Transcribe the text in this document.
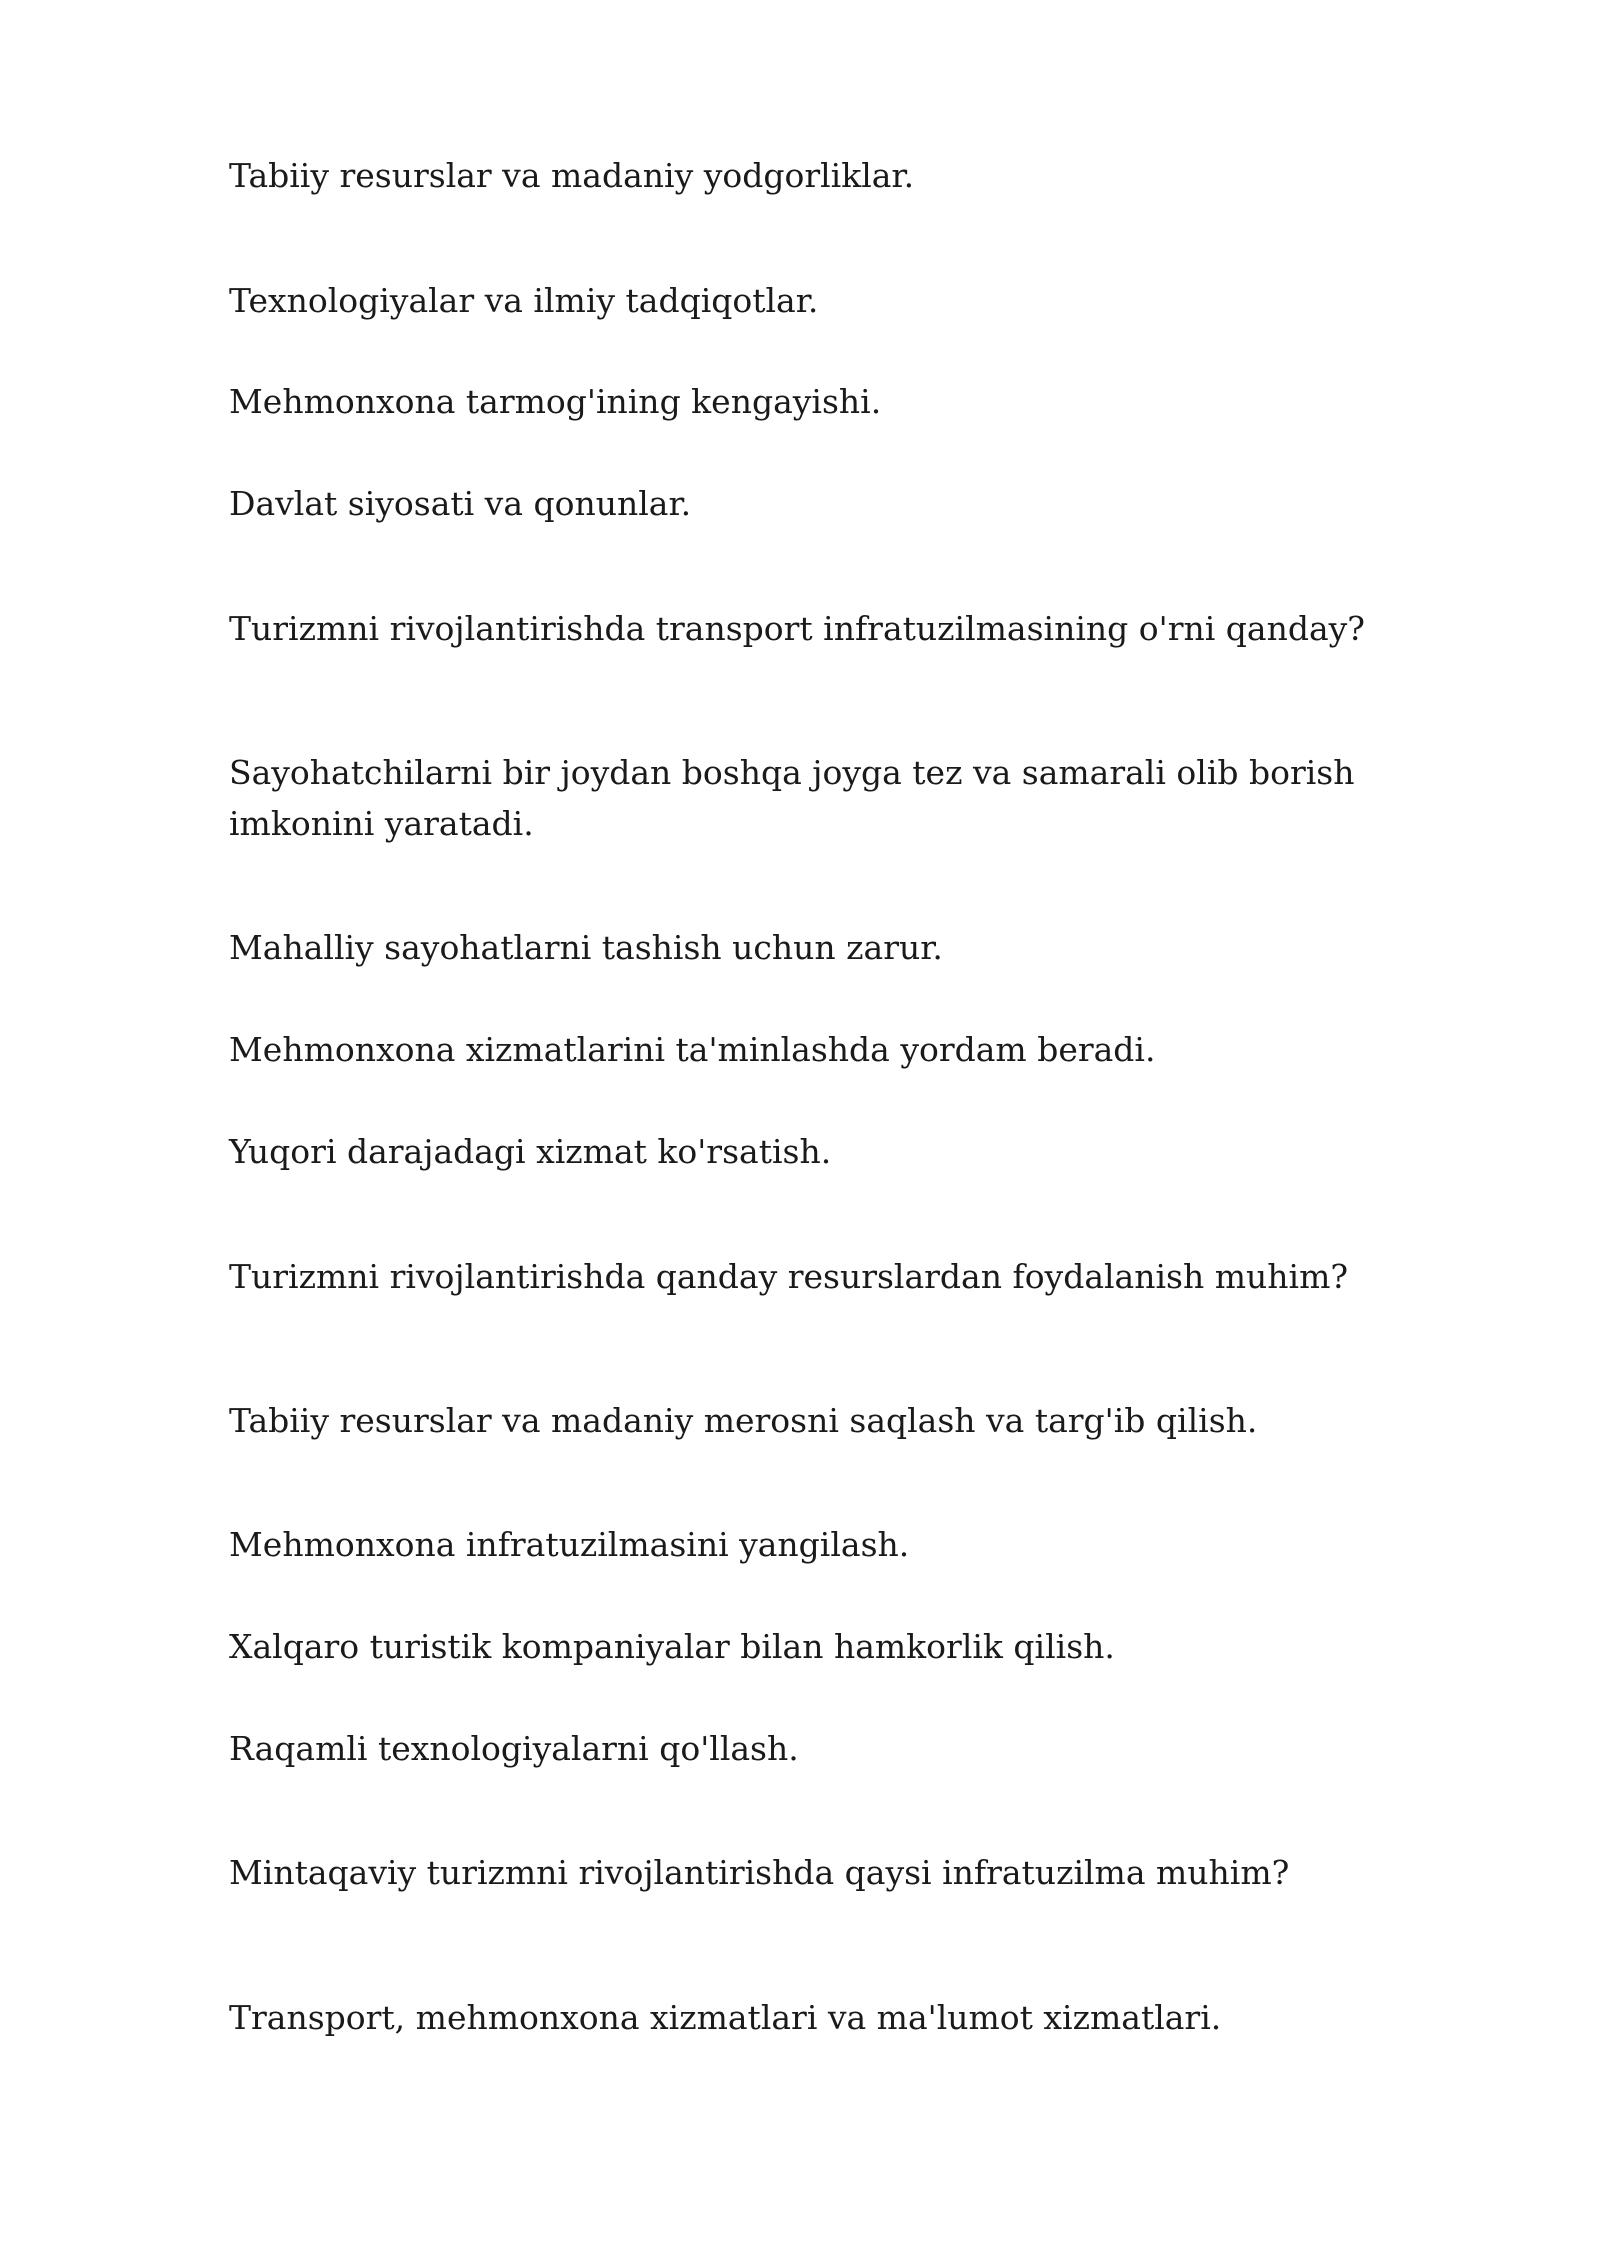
Tabiiy resurslar va madaniy yodgorliklar.

Texnologiyalar va ilmiy tadqiqotlar.

Mehmonxona tarmog'ining kengayishi.

Davlat siyosati va qonunlar.

Turizmni rivojlantirishda transport infratuzilmasining o'rni qanday?

Sayohatchilarni bir joydan boshqa joyga tez va samarali olib borish imkonini yaratadi.

Mahalliy sayohatlarni tashish uchun zarur.

Mehmonxona xizmatlarini ta'minlashda yordam beradi.

Yuqori darajadagi xizmat ko'rsatish.

Turizmni rivojlantirishda qanday resurslardan foydalanish muhim?

Tabiiy resurslar va madaniy merosni saqlash va targ'ib qilish.

Mehmonxona infratuzilmasini yangilash.

Xalqaro turistik kompaniyalar bilan hamkorlik qilish.

Raqamli texnologiyalarni qo'llash.

Mintaqaviy turizmni rivojlantirishda qaysi infratuzilma muhim?

Transport, mehmonxona xizmatlari va ma'lumot xizmatlari.
